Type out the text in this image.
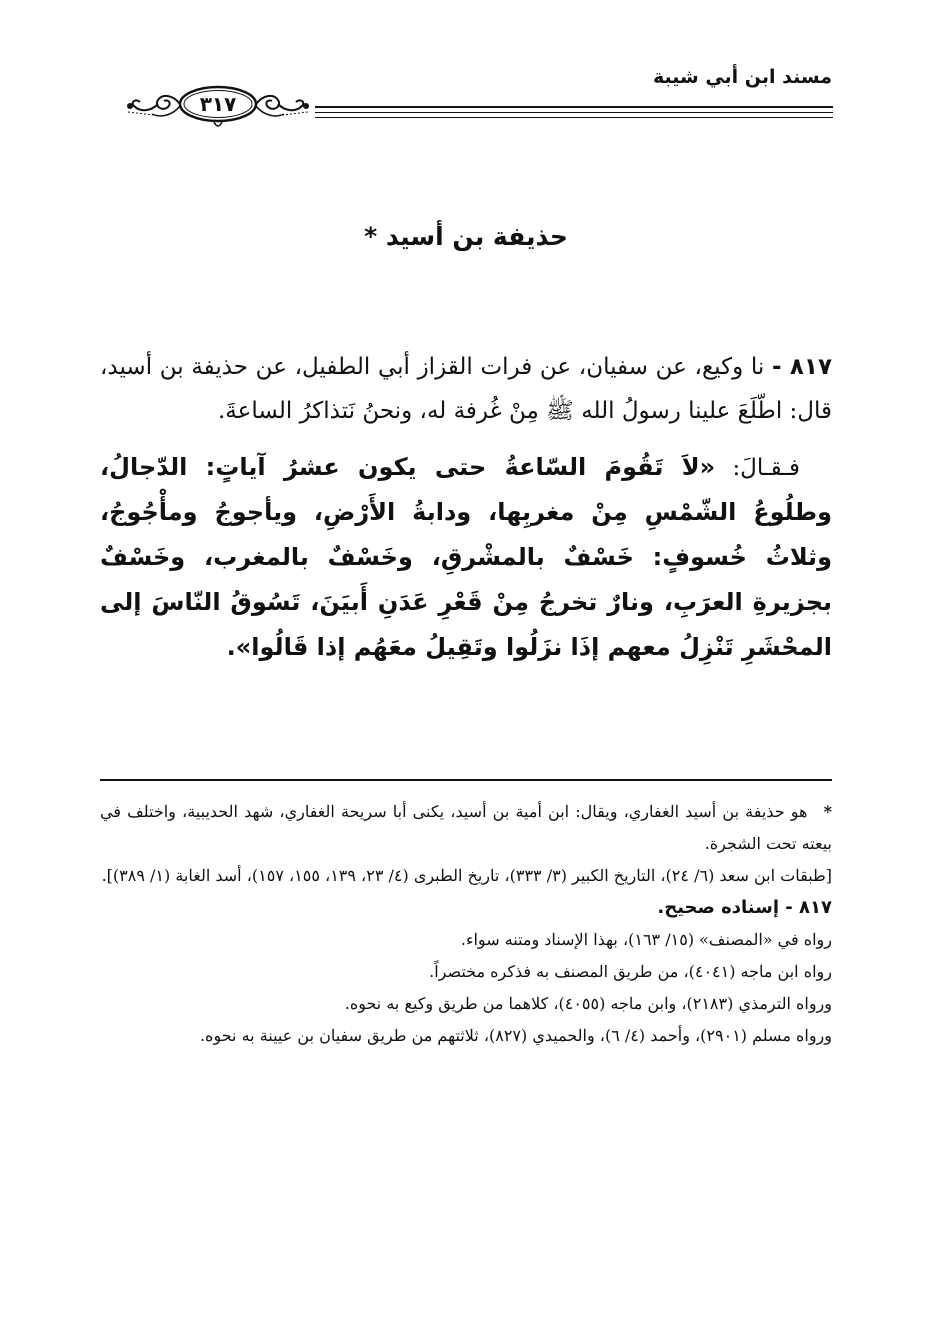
مسند ابن أبي شيبة
٣١٧
حذيفة بن أسيد *

٨١٧ - نا وكيع، عن سفيان، عن فرات القزاز أبي الطفيل، عن حذيفة بن أسيد، قال: اطّلَعَ علينا رسولُ الله ﷺ مِنْ غُرفة له، ونحنُ نَتذاكرُ الساعةَ.

فـقـالَ: «لاَ تَقُومَ السّاعةُ حتى يكون عشرُ آياتٍ: الدّجالُ، وطلُوعُ الشّمْسِ مِنْ مغربِها، ودابةُ الأَرْضِ، ويأجوجُ ومأْجُوجُ، وثلاثُ خُسوفٍ: خَسْفٌ بالمشْرقِ، وخَسْفٌ بالمغرب، وخَسْفٌ بجزيرةِ العرَبِ، ونارٌ تخرجُ مِنْ قَعْرِ عَدَنِ أَبيَنَ، تَسُوقُ النّاسَ إلى المحْشَرِ تَنْزِلُ معهم إذَا نزَلُوا وتَقِيلُ معَهُم إذا قَالُوا».

* هو حذيفة بن أسيد الغفاري، ويقال: ابن أمية بن أسيد، يكنى أبا سريحة الغفاري، شهد الحديبية، واختلف في بيعته تحت الشجرة.

[طبقات ابن سعد (٦/ ٢٤)، التاريخ الكبير (٣/ ٣٣٣)، تاريخ الطبرى (٤/ ٢٣، ١٣٩، ١٥٥، ١٥٧)، أسد الغابة (١/ ٣٨٩)].

٨١٧ - إسناده صحيح.

رواه في «المصنف» (١٥/ ١٦٣)، بهذا الإسناد ومتنه سواء.

رواه ابن ماجه (٤٠٤١)، من طريق المصنف به فذكره مختصراً.

ورواه الترمذي (٢١٨٣)، وابن ماجه (٤٠٥٥)، كلاهما من طريق وكيع به نحوه.

ورواه مسلم (٢٩٠١)، وأحمد (٤/ ٦)، والحميدي (٨٢٧)، ثلاثتهم من طريق سفيان بن عيينة به نحوه.
